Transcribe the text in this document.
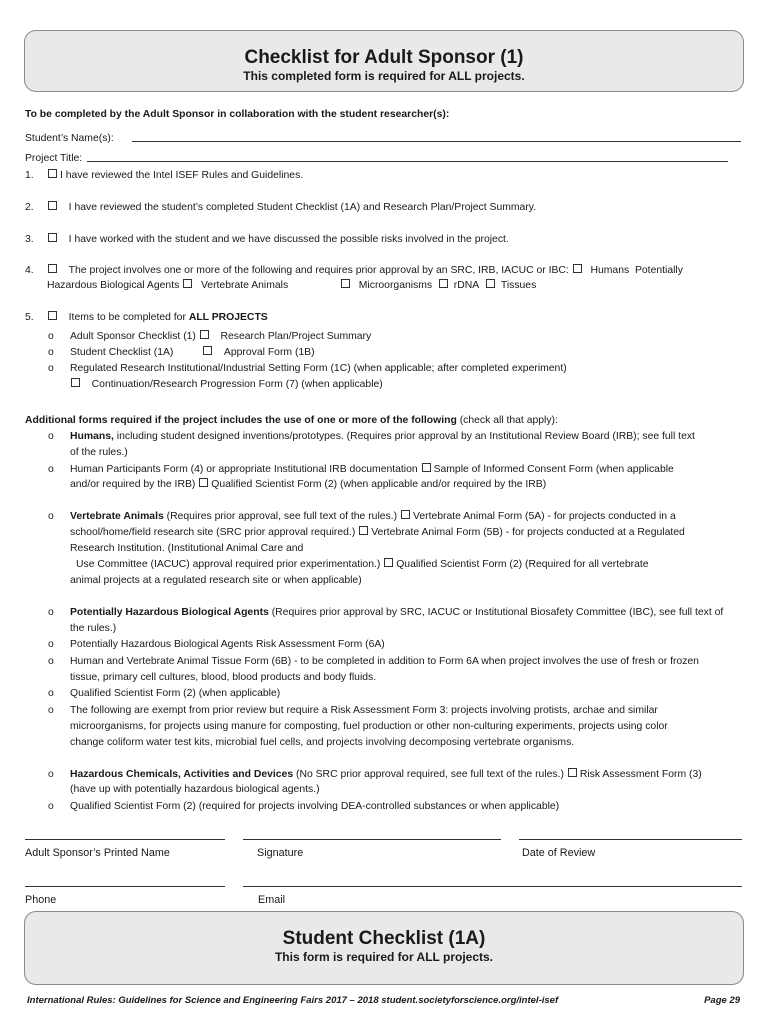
Checklist for Adult Sponsor (1)
This completed form is required for ALL projects.
To be completed by the Adult Sponsor in collaboration with the student researcher(s):
Student’s Name(s):
Project Title:
1.	I have reviewed the Intel ISEF Rules and Guidelines.
2.	I have reviewed the student’s completed Student Checklist (1A) and Research Plan/Project Summary.
3.	I have worked with the student and we have discussed the possible risks involved in the project.
4.	The project involves one or more of the following and requires prior approval by an SRC, IRB, IACUC or IBC: Humans Potentially
Hazardous Biological Agents Vertebrate Animals	Microorganisms rDNA Tissues
5.	Items to be completed for ALL PROJECTS
o Adult Sponsor Checklist (1) Research Plan/Project Summary
o Student Checklist (1A)	Approval Form (1B)
o Regulated Research Institutional/Industrial Setting Form (1C) (when applicable; after completed experiment)
Continuation/Research Progression Form (7) (when applicable)
Additional forms required if the project includes the use of one or more of the following (check all that apply):
o Humans, including student designed inventions/prototypes. (Requires prior approval by an Institutional Review Board (IRB); see full text
of the rules.)
o Human Participants Form (4) or appropriate Institutional IRB documentation Sample of Informed Consent Form (when applicable
and/or required by the IRB) Qualified Scientist Form (2) (when applicable and/or required by the IRB)
o Vertebrate Animals (Requires prior approval, see full text of the rules.) Vertebrate Animal Form (5A) - for projects conducted in a
school/home/field research site (SRC prior approval required.) Vertebrate Animal Form (5B) - for projects conducted at a Regulated
Research Institution. (Institutional Animal Care and
Use Committee (IACUC) approval required prior experimentation.) Qualified Scientist Form (2) (Required for all vertebrate
animal projects at a regulated research site or when applicable)
o Potentially Hazardous Biological Agents (Requires prior approval by SRC, IACUC or Institutional Biosafety Committee (IBC), see full text of
the rules.)
o Potentially Hazardous Biological Agents Risk Assessment Form (6A)
o Human and Vertebrate Animal Tissue Form (6B) - to be completed in addition to Form 6A when project involves the use of fresh or frozen
tissue, primary cell cultures, blood, blood products and body fluids.
o Qualified Scientist Form (2) (when applicable)
o The following are exempt from prior review but require a Risk Assessment Form 3: projects involving protists, archae and similar
microorganisms, for projects using manure for composting, fuel production or other non-culturing experiments, projects using color
change coliform water test kits, microbial fuel cells, and projects involving decomposing vertebrate organisms.
o Hazardous Chemicals, Activities and Devices (No SRC prior approval required, see full text of the rules.) Risk Assessment Form (3)
(have up with potentially hazardous biological agents.)
o Qualified Scientist Form (2) (required for projects involving DEA-controlled substances or when applicable)
Adult Sponsor’s Printed Name	Signature	Date of Review
Phone	Email
Student Checklist (1A)
This form is required for ALL projects.
International Rules: Guidelines for Science and Engineering Fairs 2017 – 2018 student.societyforscience.org/intel-isef	Page 29
